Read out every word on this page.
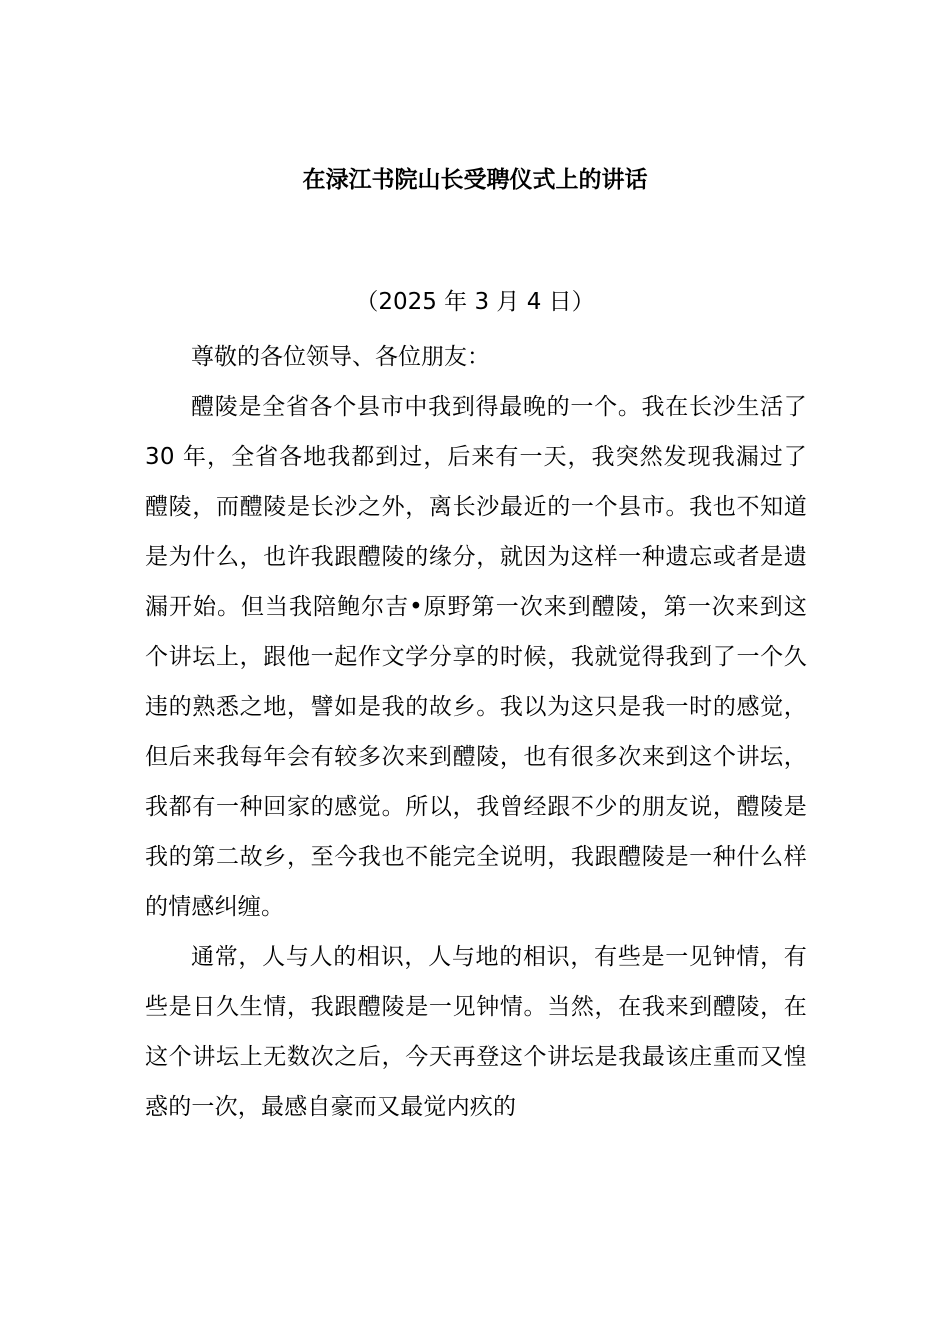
在渌江书院山长受聘仪式上的讲话
（2025 年 3 月 4 日）

尊敬的各位领导、各位朋友：

醴陵是全省各个县市中我到得最晚的一个。我在长沙生活了 30 年，全省各地我都到过，后来有一天，我突然发现我漏过了醴陵，而醴陵是长沙之外，离长沙最近的一个县市。我也不知道是为什么，也许我跟醴陵的缘分，就因为这样一种遗忘或者是遗漏开始。但当我陪鲍尔吉•原野第一次来到醴陵，第一次来到这个讲坛上，跟他一起作文学分享的时候，我就觉得我到了一个久违的熟悉之地，譬如是我的故乡。我以为这只是我一时的感觉，但后来我每年会有较多次来到醴陵，也有很多次来到这个讲坛，我都有一种回家的感觉。所以，我曾经跟不少的朋友说，醴陵是我的第二故乡，至今我也不能完全说明，我跟醴陵是一种什么样的情感纠缠。

通常，人与人的相识，人与地的相识，有些是一见钟情，有些是日久生情，我跟醴陵是一见钟情。当然，在我来到醴陵，在这个讲坛上无数次之后，今天再登这个讲坛是我最该庄重而又惶惑的一次，最感自豪而又最觉内疚的
